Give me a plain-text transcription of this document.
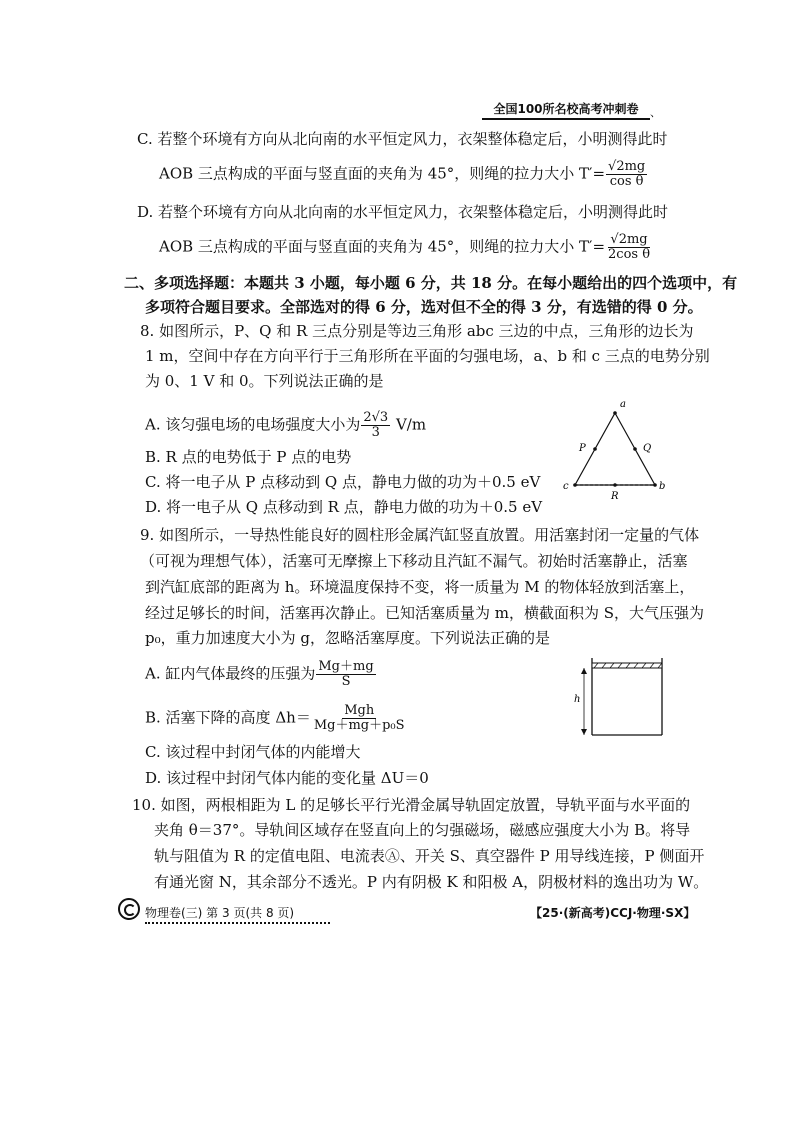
全国100所名校高考冲刺卷	、
C. 若整个环境有方向从北向南的水平恒定风力，衣架整体稳定后，小明测得此时
AOB 三点构成的平面与竖直面的夹角为 45°，则绳的拉力大小 $T'= \frac{√2mg}{\text{cos θ}}$
D. 若整个环境有方向从北向南的水平恒定风力，衣架整体稳定后，小明测得此时
AOB 三点构成的平面与竖直面的夹角为 45°，则绳的拉力大小 $T'= \frac{√2mg}{\text{2cos θ}}$
二、多项选择题：本题共 3 小题，每小题 6 分，共 18 分。在每小题给出的四个选项中，有
多项符合题目要求。全部选对的得 6 分，选对但不全的得 3 分，有选错的得 0 分。
8. 如图所示，P、Q 和 R 三点分别是等边三角形 abc 三边的中点，三角形的边长为
1 m，空间中存在方向平行于三角形所在平面的匀强电场，a、b 和 c 三点的电势分别
为 0、1 V 和 0。下列说法正确的是
A. 该匀强电场的电场强度大小为 $\frac{2√3}{3} V/m$
B. R 点的电势低于 P 点的电势
C. 将一电子从 P 点移动到 Q 点，静电力做的功为＋0.5 eV
D. 将一电子从 Q 点移动到 R 点，静电力做的功为＋0.5 eV
a
b
c
P	Q
R
9. 如图所示，一导热性能良好的圆柱形金属汽缸竖直放置。用活塞封闭一定量的气体
（可视为理想气体），活塞可无摩擦上下移动且汽缸不漏气。初始时活塞静止，活塞
到汽缸底部的距离为 h。环境温度保持不变，将一质量为 M 的物体轻放到活塞上，
经过足够长的时间，活塞再次静止。已知活塞质量为 m，横截面积为 S，大气压强为
p₀，重力加速度大小为 g，忽略活塞厚度。下列说法正确的是
A. 缸内气体最终的压强为 $\frac{Mg+mg}{S}$
B. 活塞下降的高度 $\Delta h= \frac{\text{Mgh}}{\text{Mg＋mg＋p₀S}}$
C. 该过程中封闭气体的内能增大
D. 该过程中封闭气体内能的变化量 ΔU＝0
h
10. 如图，两根相距为 L 的足够长平行光滑金属导轨固定放置，导轨平面与水平面的
夹角 θ＝37°。导轨间区域存在竖直向上的匀强磁场，磁感应强度大小为 B。将导
轨与阻值为 R 的定值电阻、电流表Ⓐ、开关 S、真空器件 P 用导线连接，P 侧面开
有通光窗 N，其余部分不透光。P 内有阴极 K 和阳极 A，阴极材料的逸出功为 W。
物理卷(三) 第 3 页(共 8 页)	【25·(新高考)CCJ·物理·SX】
